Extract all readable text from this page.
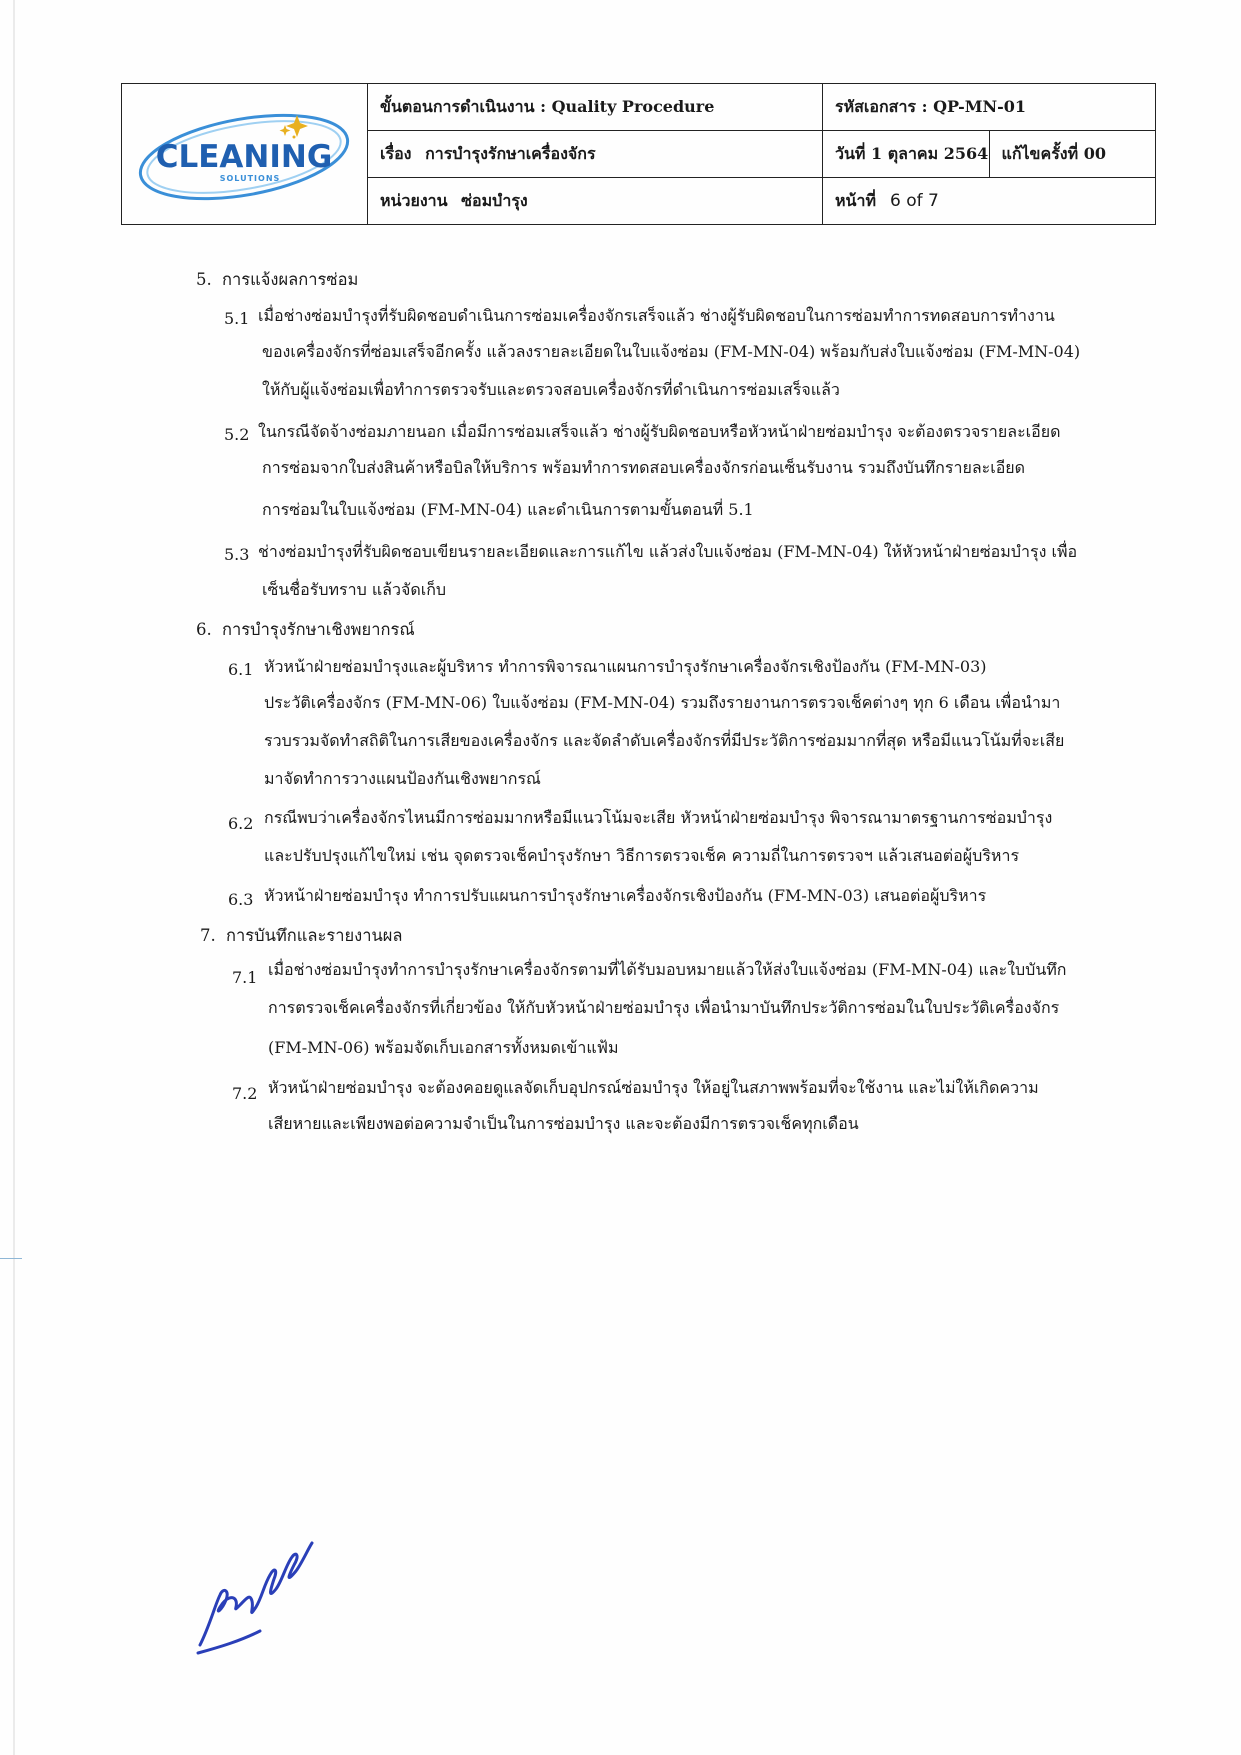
CLEANING
SOLUTIONS	ขั้นตอนการดำเนินงาน : Quality Procedure	รหัสเอกสาร : QP-MN-01	
	เรื่อง การบำรุงรักษาเครื่องจักร	วันที่ 1 ตุลาคม 2564	แก้ไขครั้งที่ 00
	หน่วยงาน ซ่อมบำรุง	หน้าที่ 6 of 7	
5. การแจ้งผลการซ่อม
5.1 เมื่อช่างซ่อมบำรุงที่รับผิดชอบดำเนินการซ่อมเครื่องจักรเสร็จแล้ว ช่างผู้รับผิดชอบในการซ่อมทำการทดสอบการทำงาน
ของเครื่องจักรที่ซ่อมเสร็จอีกครั้ง แล้วลงรายละเอียดในใบแจ้งซ่อม (FM-MN-04) พร้อมกับส่งใบแจ้งซ่อม (FM-MN-04)
ให้กับผู้แจ้งซ่อมเพื่อทำการตรวจรับและตรวจสอบเครื่องจักรที่ดำเนินการซ่อมเสร็จแล้ว
5.2 ในกรณีจัดจ้างซ่อมภายนอก เมื่อมีการซ่อมเสร็จแล้ว ช่างผู้รับผิดชอบหรือหัวหน้าฝ่ายซ่อมบำรุง จะต้องตรวจรายละเอียด
การซ่อมจากใบส่งสินค้าหรือบิลให้บริการ พร้อมทำการทดสอบเครื่องจักรก่อนเซ็นรับงาน รวมถึงบันทึกรายละเอียด
การซ่อมในใบแจ้งซ่อม (FM-MN-04) และดำเนินการตามขั้นตอนที่ 5.1
5.3 ช่างซ่อมบำรุงที่รับผิดชอบเขียนรายละเอียดและการแก้ไข แล้วส่งใบแจ้งซ่อม (FM-MN-04) ให้หัวหน้าฝ่ายซ่อมบำรุง เพื่อ
เซ็นชื่อรับทราบ แล้วจัดเก็บ
6. การบำรุงรักษาเชิงพยากรณ์
6.1 หัวหน้าฝ่ายซ่อมบำรุงและผู้บริหาร ทำการพิจารณาแผนการบำรุงรักษาเครื่องจักรเชิงป้องกัน (FM-MN-03)
ประวัติเครื่องจักร (FM-MN-06) ใบแจ้งซ่อม (FM-MN-04) รวมถึงรายงานการตรวจเช็คต่างๆ ทุก 6 เดือน เพื่อนำมา
รวบรวมจัดทำสถิติในการเสียของเครื่องจักร และจัดลำดับเครื่องจักรที่มีประวัติการซ่อมมากที่สุด หรือมีแนวโน้มที่จะเสีย
มาจัดทำการวางแผนป้องกันเชิงพยากรณ์
6.2 กรณีพบว่าเครื่องจักรไหนมีการซ่อมมากหรือมีแนวโน้มจะเสีย หัวหน้าฝ่ายซ่อมบำรุง พิจารณามาตรฐานการซ่อมบำรุง
และปรับปรุงแก้ไขใหม่ เช่น จุดตรวจเช็คบำรุงรักษา วิธีการตรวจเช็ค ความถี่ในการตรวจฯ แล้วเสนอต่อผู้บริหาร
6.3 หัวหน้าฝ่ายซ่อมบำรุง ทำการปรับแผนการบำรุงรักษาเครื่องจักรเชิงป้องกัน (FM-MN-03) เสนอต่อผู้บริหาร
7. การบันทึกและรายงานผล
7.1 เมื่อช่างซ่อมบำรุงทำการบำรุงรักษาเครื่องจักรตามที่ได้รับมอบหมายแล้วให้ส่งใบแจ้งซ่อม (FM-MN-04) และใบบันทึก
การตรวจเช็คเครื่องจักรที่เกี่ยวข้อง ให้กับหัวหน้าฝ่ายซ่อมบำรุง เพื่อนำมาบันทึกประวัติการซ่อมในใบประวัติเครื่องจักร
(FM-MN-06) พร้อมจัดเก็บเอกสารทั้งหมดเข้าแฟ้ม
7.2 หัวหน้าฝ่ายซ่อมบำรุง จะต้องคอยดูแลจัดเก็บอุปกรณ์ซ่อมบำรุง ให้อยู่ในสภาพพร้อมที่จะใช้งาน และไม่ให้เกิดความ
เสียหายและเพียงพอต่อความจำเป็นในการซ่อมบำรุง และจะต้องมีการตรวจเช็คทุกเดือน
